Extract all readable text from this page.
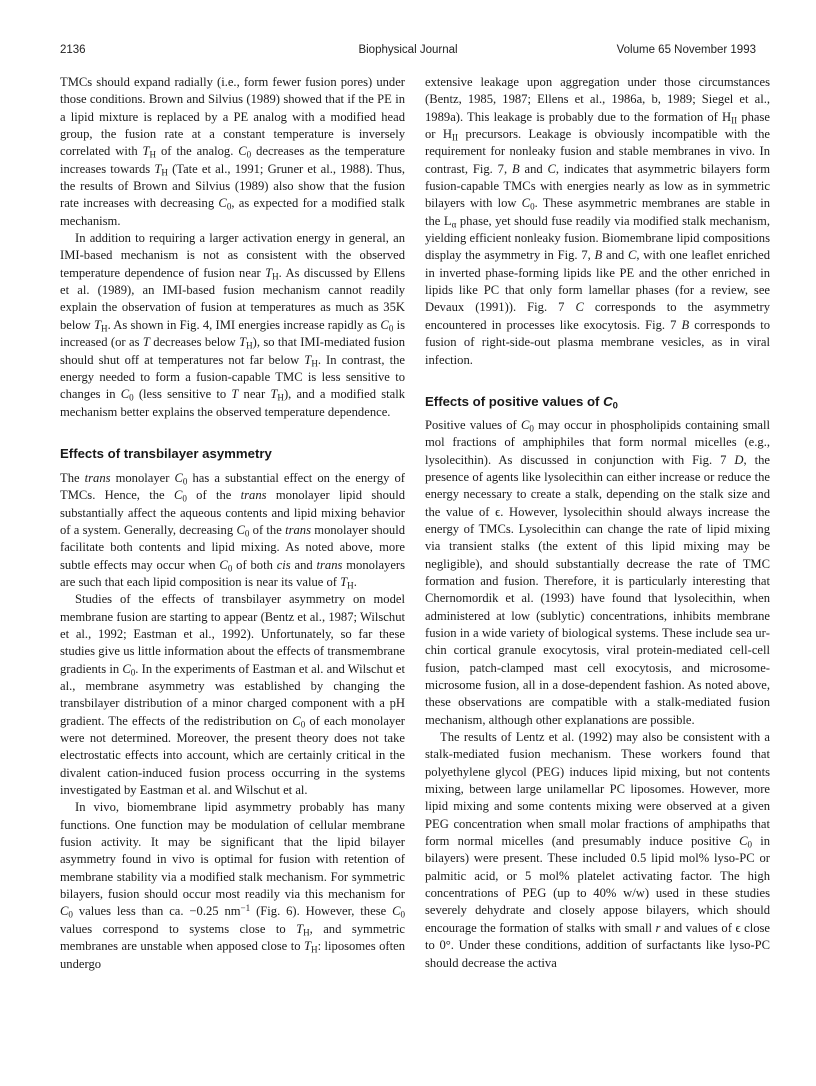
2136	Biophysical Journal	Volume 65 November 1993

TMCs should expand radially (i.e., form fewer fusion pores) under those conditions. Brown and Silvius (1989) showed that if the PE in a lipid mixture is replaced by a PE analog with a modified head group, the fusion rate at a constant temperature is inversely correlated with $T_H$ of the analog. $C_0$ decreases as the temperature increases towards $T_H$ (Tate et al., 1991; Gruner et al., 1988). Thus, the results of Brown and Silvius (1989) also show that the fusion rate increases with decreasing $C_0$, as expected for a modified stalk mechanism.

In addition to requiring a larger activation energy in general, an IMI-based mechanism is not as consistent with the observed temperature dependence of fusion near $T_H$. As discussed by Ellens et al. (1989), an IMI-based fusion mechanism cannot readily explain the observation of fusion at temperatures as much as 35K below $T_H$. As shown in Fig. 4, IMI energies increase rapidly as $C_0$ is increased (or as T decreases below $T_H$), so that IMI-mediated fusion should shut off at temperatures not far below $T_H$. In contrast, the energy needed to form a fusion-capable TMC is less sensitive to changes in $C_0$ (less sensitive to T near $T_H$), and a modified stalk mechanism better explains the observed temperature dependence.

Effects of transbilayer asymmetry

The trans monolayer $C_0$ has a substantial effect on the energy of TMCs. Hence, the $C_0$ of the trans monolayer lipid should substantially affect the aqueous contents and lipid mixing behavior of a system. Generally, decreasing $C_0$ of the trans monolayer should facilitate both contents and lipid mixing. As noted above, more subtle effects may occur when $C_0$ of both cis and trans monolayers are such that each lipid composition is near its value of $T_H$.

Studies of the effects of transbilayer asymmetry on model membrane fusion are starting to appear (Bentz et al., 1987; Wilschut et al., 1992; Eastman et al., 1992). Unfortunately, so far these studies give us little information about the effects of transmembrane gradients in $C_0$. In the experiments of Eastman et al. and Wilschut et al., membrane asymmetry was established by changing the transbilayer distribution of a minor charged component with a pH gradient. The effects of the redistribution on $C_0$ of each monolayer were not determined. Moreover, the present theory does not take electrostatic effects into account, which are certainly critical in the divalent cation-induced fusion process occurring in the systems investigated by Eastman et al. and Wilschut et al.

In vivo, biomembrane lipid asymmetry probably has many functions. One function may be modulation of cellular membrane fusion activity. It may be significant that the lipid bilayer asymmetry found in vivo is optimal for fusion with retention of membrane stability via a modified stalk mechanism. For symmetric bilayers, fusion should occur most readily via this mechanism for $C_0$ values less than ca. −0.25 $nm^{-1}$ (Fig. 6). However, these $C_0$ values correspond to systems close to $T_H$, and symmetric membranes are unstable when apposed close to $T_H$: liposomes often undergo

extensive leakage upon aggregation under those circumstances (Bentz, 1985, 1987; Ellens et al., 1986a, b, 1989; Siegel et al., 1989a). This leakage is probably due to the formation of $H_{II}$ phase or $H_{II}$ precursors. Leakage is obviously incompatible with the requirement for nonleaky fusion and stable membranes in vivo. In contrast, Fig. 7, B and C, indicates that asymmetric bilayers form fusion-capable TMCs with energies nearly as low as in symmetric bilayers with low $C_0$. These asymmetric membranes are stable in the $L_\alpha$ phase, yet should fuse readily via modified stalk mechanism, yielding efficient nonleaky fusion. Biomembrane lipid compositions display the asymmetry in Fig. 7, B and C, with one leaflet enriched in inverted phase-forming lipids like PE and the other enriched in lipids like PC that only form lamellar phases (for a review, see Devaux (1991)). Fig. 7 C corresponds to the asymmetry encountered in processes like exocytosis. Fig. 7 B corresponds to fusion of right-side-out plasma membrane vesicles, as in viral infection.

Effects of positive values of $C_0$

Positive values of $C_0$ may occur in phospholipids containing small mol fractions of amphiphiles that form normal micelles (e.g., lysolecithin). As discussed in conjunction with Fig. 7 D, the presence of agents like lysolecithin can either increase or reduce the energy necessary to create a stalk, depending on the stalk size and the value of ϵ. However, lysolecithin should always increase the energy of TMCs. Lysolecithin can change the rate of lipid mixing via transient stalks (the extent of this lipid mixing may be negligible), and should substantially decrease the rate of TMC formation and fusion. Therefore, it is particularly interesting that Chernomordik et al. (1993) have found that lysolecithin, when administered at low (sublytic) concentrations, inhibits membrane fusion in a wide variety of biological systems. These include sea urchin cortical granule exocytosis, viral protein-mediated cell-cell fusion, patch-clamped mast cell exocytosis, and microsome-microsome fusion, all in a dose-dependent fashion. As noted above, these observations are compatible with a stalk-mediated fusion mechanism, although other explanations are possible.

The results of Lentz et al. (1992) may also be consistent with a stalk-mediated fusion mechanism. These workers found that polyethylene glycol (PEG) induces lipid mixing, but not contents mixing, between large unilamellar PC liposomes. However, more lipid mixing and some contents mixing were observed at a given PEG concentration when small molar fractions of amphipaths that form normal micelles (and presumably induce positive $C_0$ in bilayers) were present. These included 0.5 lipid mol% lyso-PC or palmitic acid, or 5 mol% platelet activating factor. The high concentrations of PEG (up to 40% w/w) used in these studies severely dehydrate and closely appose bilayers, which should encourage the formation of stalks with small r and values of ϵ close to 0°. Under these conditions, addition of surfactants like lyso-PC should decrease the activa
